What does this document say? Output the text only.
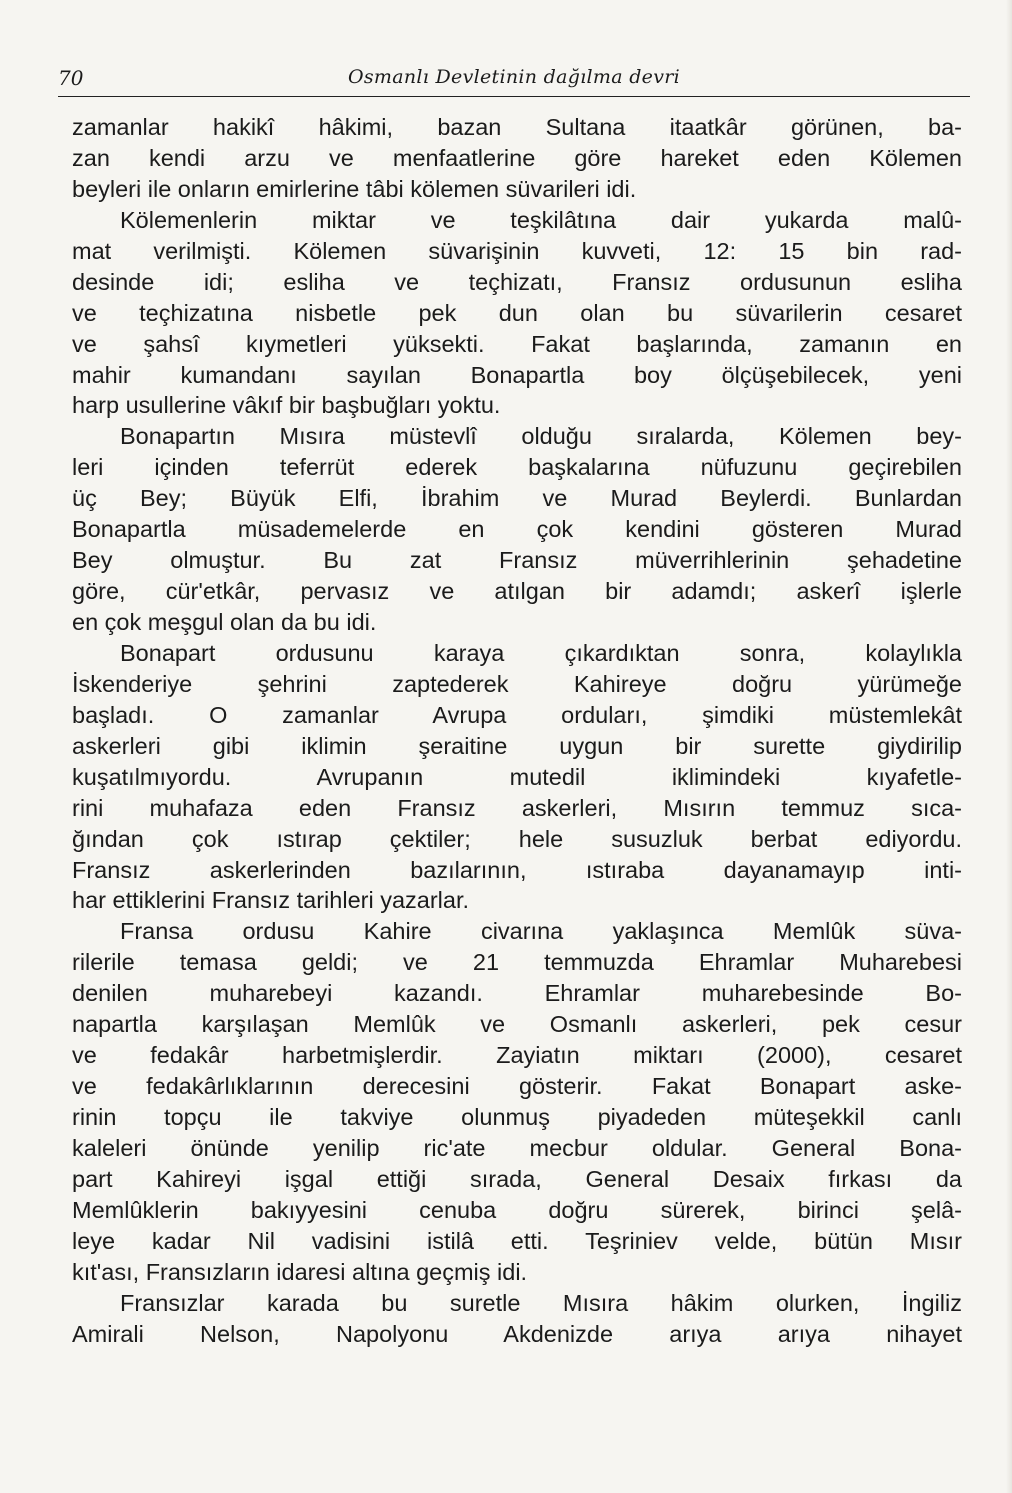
70	Osmanlı Devletinin dağılma devri
zamanlar hakikî hâkimi, bazan Sultana itaatkâr görünen, ba-
zan kendi arzu ve menfaatlerine göre hareket eden Kölemen
beyleri ile onların emirlerine tâbi kölemen süvarileri idi.
Kölemenlerin miktar ve teşkilâtına dair yukarda malû-
mat verilmişti. Kölemen süvarişinin kuvveti, 12: 15 bin rad-
desinde idi; esliha ve teçhizatı, Fransız ordusunun esliha
ve teçhizatına nisbetle pek dun olan bu süvarilerin cesaret
ve şahsî kıymetleri yüksekti. Fakat başlarında, zamanın en
mahir kumandanı sayılan Bonapartla boy ölçüşebilecek, yeni
harp usullerine vâkıf bir başbuğları yoktu.
Bonapartın Mısıra müstevlî olduğu sıralarda, Kölemen bey-
leri içinden teferrüt ederek başkalarına nüfuzunu geçirebilen
üç Bey; Büyük Elfi, İbrahim ve Murad Beylerdi. Bunlardan
Bonapartla müsademelerde en çok kendini gösteren Murad
Bey olmuştur. Bu zat Fransız müverrihlerinin şehadetine
göre, cür'etkâr, pervasız ve atılgan bir adamdı; askerî işlerle
en çok meşgul olan da bu idi.
Bonapart ordusunu karaya çıkardıktan sonra, kolaylıkla
İskenderiye şehrini zaptederek Kahireye doğru yürümeğe
başladı. O zamanlar Avrupa orduları, şimdiki müstemlekât
askerleri gibi iklimin şeraitine uygun bir surette giydirilip
kuşatılmıyordu. Avrupanın mutedil iklimindeki kıyafetle-
rini muhafaza eden Fransız askerleri, Mısırın temmuz sıca-
ğından çok ıstırap çektiler; hele susuzluk berbat ediyordu.
Fransız askerlerinden bazılarının, ıstıraba dayanamayıp inti-
har ettiklerini Fransız tarihleri yazarlar.
Fransa ordusu Kahire civarına yaklaşınca Memlûk süva-
rilerile temasa geldi; ve 21 temmuzda Ehramlar Muharebesi
denilen muharebeyi kazandı. Ehramlar muharebesinde Bo-
napartla karşılaşan Memlûk ve Osmanlı askerleri, pek cesur
ve fedakâr harbetmişlerdir. Zayiatın miktarı (2000), cesaret
ve fedakârlıklarının derecesini gösterir. Fakat Bonapart aske-
rinin topçu ile takviye olunmuş piyadeden müteşekkil canlı
kaleleri önünde yenilip ric'ate mecbur oldular. General Bona-
part Kahireyi işgal ettiği sırada, General Desaix fırkası da
Memlûklerin bakıyyesini cenuba doğru sürerek, birinci şelâ-
leye kadar Nil vadisini istilâ etti. Teşriniev velde, bütün Mısır
kıt'ası, Fransızların idaresi altına geçmiş idi.
Fransızlar karada bu suretle Mısıra hâkim olurken, İngiliz
Amirali Nelson, Napolyonu Akdenizde arıya arıya nihayet
